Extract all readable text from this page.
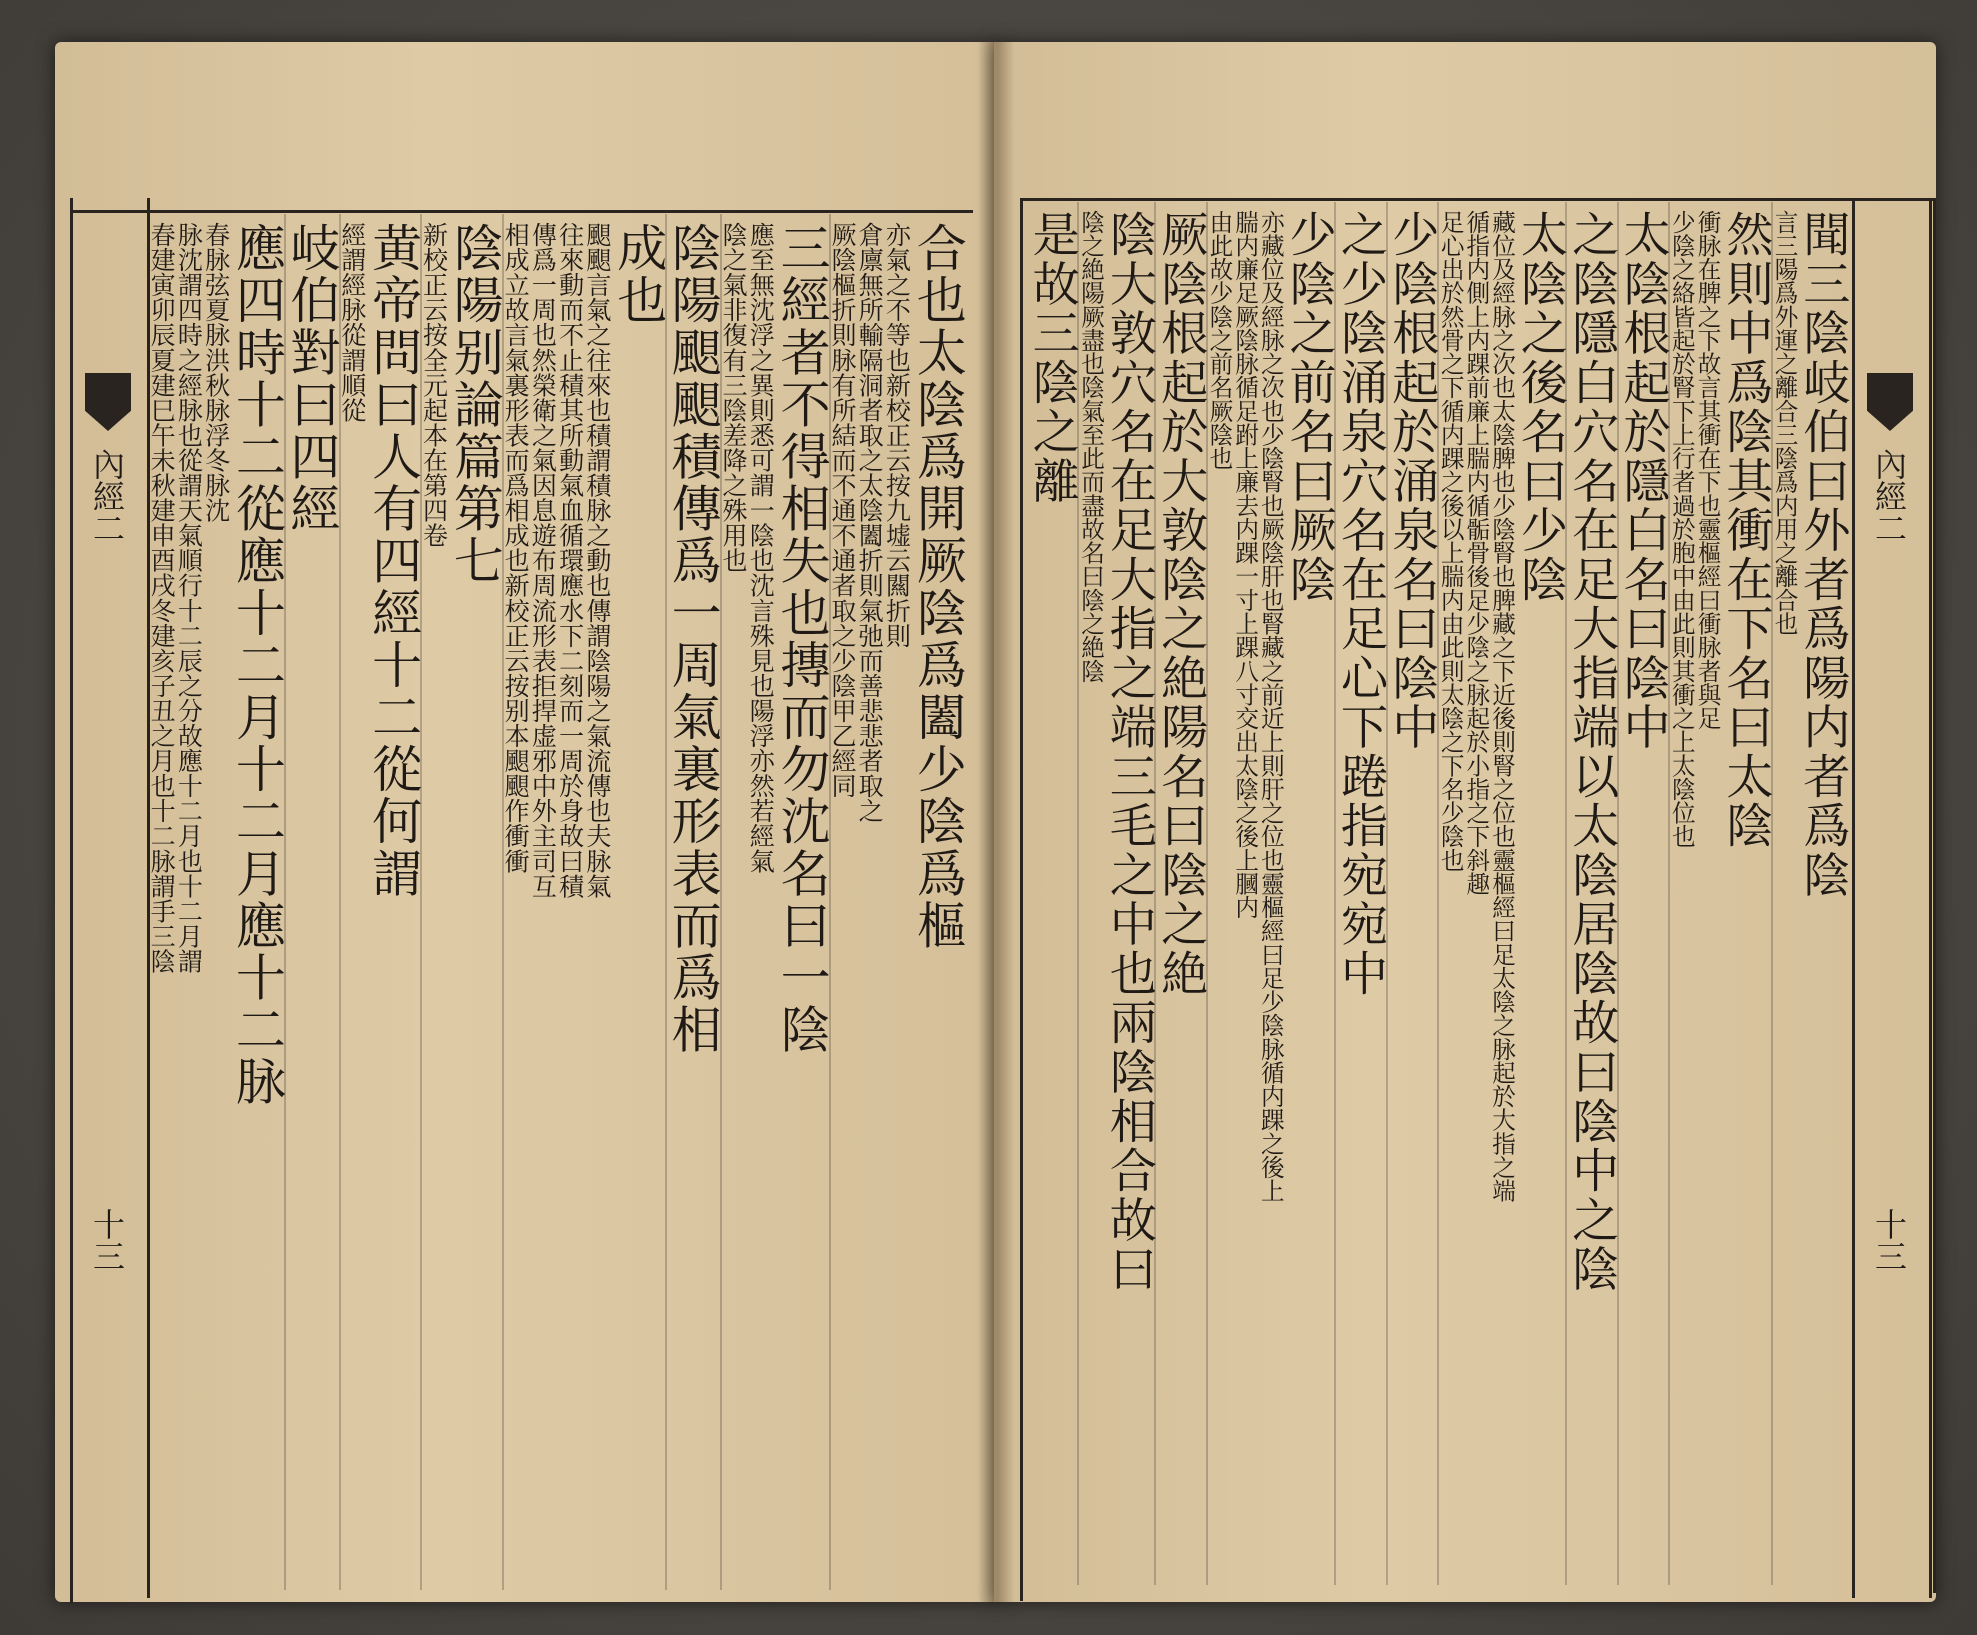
內經二
十三
內經二
十三
聞三陰岐伯曰外者爲陽内者爲陰
言三陽爲外運之離合三陰爲内用之離合也
然則中爲陰其衝在下名曰太陰
衝脉在脾之下故言其衝在下也靈樞經曰衝脉者與足
少陰之絡皆起於腎下上行者過於胞中由此則其衝之上太陰位也
太陰根起於隱白名曰陰中
之陰隱白穴名在足大指端以太陰居陰故曰陰中之陰
太陰之後名曰少陰
藏位及經脉之次也太陰脾也少陰腎也脾藏之下近後則腎之位也靈樞經曰足太陰之脉起於大指之端
循指内側上内踝前廉上腨内循骺骨後足少陰之脉起於小指之下斜趣
足心出於然骨之下循内踝之後以上腨内由此則太陰之下名少陰也
少陰根起於涌泉名曰陰中
之少陰涌泉穴名在足心下踡指宛宛中
少陰之前名曰厥陰
亦藏位及經脉之次也少陰腎也厥陰肝也腎藏之前近上則肝之位也靈樞經曰足少陰脉循内踝之後上
腨内廉足厥陰脉循足跗上廉去内踝一寸上踝八寸交出太陰之後上膕内
由此故少陰之前名厥陰也
厥陰根起於大敦陰之絶陽名曰陰之絶
陰大敦穴名在足大指之端三毛之中也兩陰相合故曰
陰之絶陽厥盡也陰氣至此而盡故名曰陰之絶陰
是故三陰之離
合也太陰爲開厥陰爲闔少陰爲樞
亦氣之不等也新校正云按九墟云闗折則
倉廪無所輸隔洞者取之太陰闔折則氣弛而善悲悲者取之
厥陰樞折則脉有所結而不通不通者取之少陰甲乙經同
三經者不得相失也摶而勿沈名曰一陰
應至無沈浮之異則悉可謂一陰也沈言殊見也陽浮亦然若經氣
陰之氣非復有三陰差降之殊用也
陰陽𩗗𩗗積傳爲一周氣裏形表而爲相
成也
𩗗𩗗言氣之往來也積謂積脉之動也傳謂陰陽之氣流傳也夫脉氣
往來動而不止積其所動氣血循環應水下二刻而一周於身故曰積
傳爲一周也然榮衛之氣因息遊布周流形表拒捍虚邪中外主司互
相成立故言氣裏形表而爲相成也新校正云按别本𩗗𩗗作衝衝
陰陽别論篇第七
新校正云按全元起本在第四卷
黄帝問曰人有四經十二從何謂
經謂經脉從謂順從
岐伯對曰四經
應四時十二從應十二月十二月應十二脉
春脉弦夏脉洪秋脉浮冬脉沈
脉沈謂四時之經脉也從謂天氣順行十二辰之分故應十二月也十二月謂
春建寅卯辰夏建巳午未秋建申酉戌冬建亥子丑之月也十二脉謂手三陰
